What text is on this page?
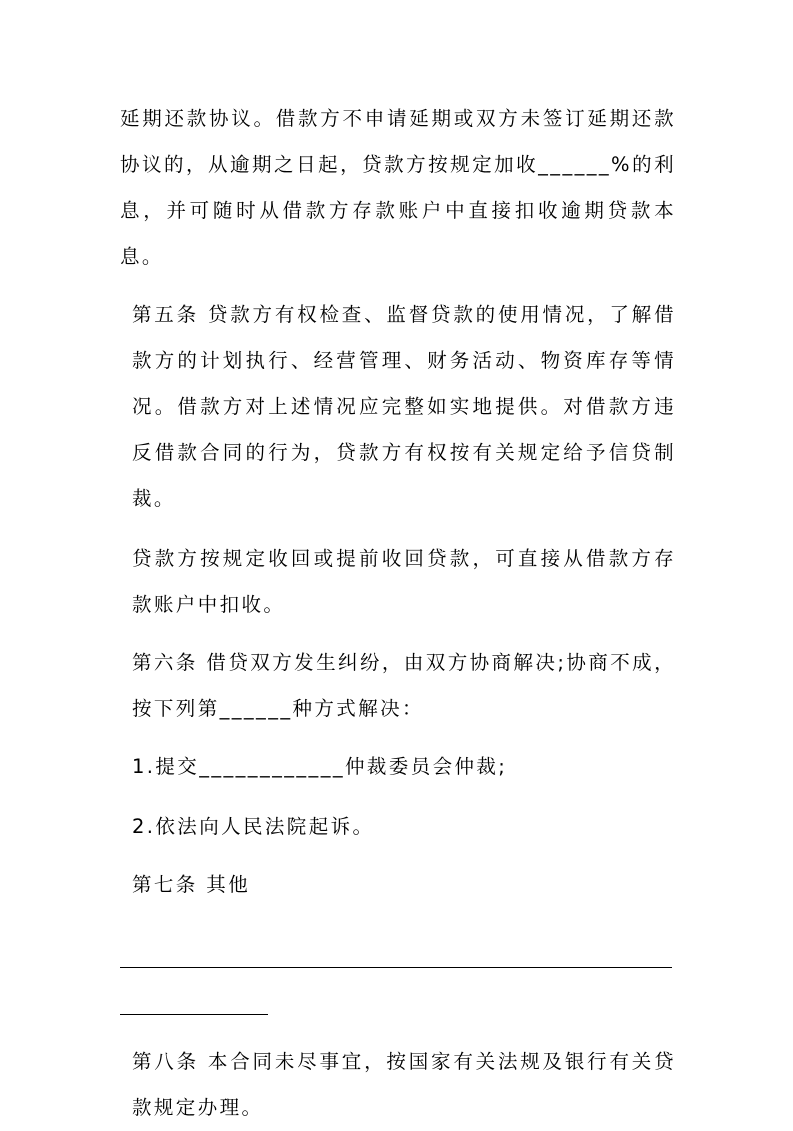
延期还款协议。借款方不申请延期或双方未签订延期还款协议的，从逾期之日起，贷款方按规定加收______%的利息，并可随时从借款方存款账户中直接扣收逾期贷款本息。

第五条 贷款方有权检查、监督贷款的使用情况，了解借款方的计划执行、经营管理、财务活动、物资库存等情况。借款方对上述情况应完整如实地提供。对借款方违反借款合同的行为，贷款方有权按有关规定给予信贷制裁。

贷款方按规定收回或提前收回贷款，可直接从借款方存款账户中扣收。

第六条 借贷双方发生纠纷，由双方协商解决;协商不成，按下列第______种方式解决：

1.提交____________仲裁委员会仲裁;

2.依法向人民法院起诉。

第七条 其他

第八条 本合同未尽事宜，按国家有关法规及银行有关贷款规定办理。
